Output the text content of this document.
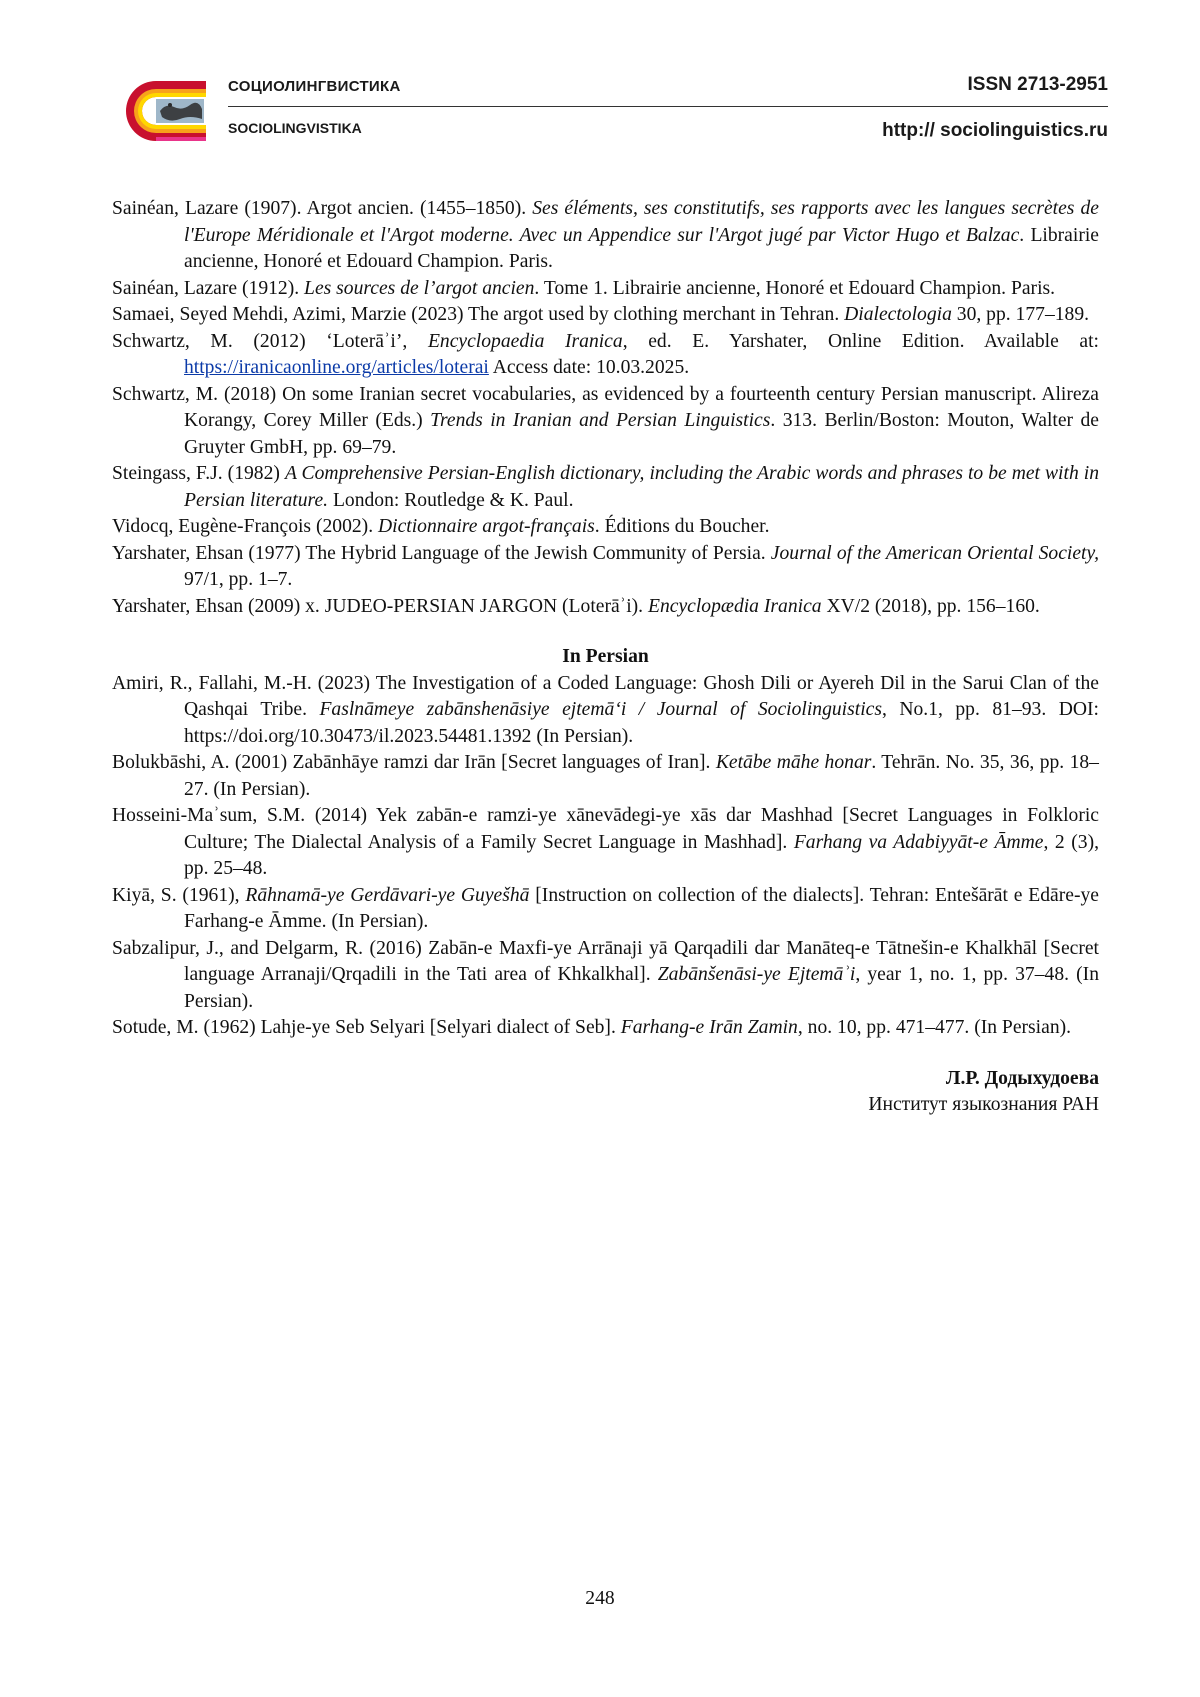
СОЦИОЛИНГВИСТИКА
SOCIOLINGVISTIKA
ISSN 2713-2951
http:// sociolinguistics.ru

Sainéan, Lazare (1907). Argot ancien. (1455–1850). Ses éléments, ses constitutifs, ses rapports avec les langues secrètes de l'Europe Méridionale et l'Argot moderne. Avec un Appendice sur l'Argot jugé par Victor Hugo et Balzac. Librairie ancienne, Honoré et Edouard Champion. Paris.

Sainéan, Lazare (1912). Les sources de l’argot ancien. Tome 1. Librairie ancienne, Honoré et Edouard Champion. Paris.

Samaei, Seyed Mehdi, Azimi, Marzie (2023) The argot used by clothing merchant in Tehran. Dialectologia 30, pp. 177–189.

Schwartz, M. (2012) ‘Loterāʾi’, Encyclopaedia Iranica, ed. E. Yarshater, Online Edition. Available at: https://iranicaonline.org/articles/loterai Access date: 10.03.2025.

Schwartz, M. (2018) On some Iranian secret vocabularies, as evidenced by a fourteenth century Persian manuscript. Alireza Korangy, Corey Miller (Eds.) Trends in Iranian and Persian Linguistics. 313. Berlin/Boston: Mouton, Walter de Gruyter GmbH, pp. 69–79.

Steingass, F.J. (1982) A Comprehensive Persian-English dictionary, including the Arabic words and phrases to be met with in Persian literature. London: Routledge & K. Paul.

Vidocq, Eugène-François (2002). Dictionnaire argot-français. Éditions du Boucher.

Yarshater, Ehsan (1977) The Hybrid Language of the Jewish Community of Persia. Journal of the American Oriental Society, 97/1, pp. 1–7.

Yarshater, Ehsan (2009) x. JUDEO-PERSIAN JARGON (Loterāʾi). Encyclopædia Iranica XV/2 (2018), pp. 156–160.

In Persian

Amiri, R., Fallahi, M.-H. (2023) The Investigation of a Coded Language: Ghosh Dili or Ayereh Dil in the Sarui Clan of the Qashqai Tribe. Faslnāmeye zabānshenāsiye ejtemāʻi / Journal of Sociolinguistics, No.1, pp. 81–93. DOI: https://doi.org/10.30473/il.2023.54481.1392 (In Persian).

Bolukbāshi, A. (2001) Zabānhāye ramzi dar Irān [Secret languages of Iran]. Ketābe māhe honar. Tehrān. No. 35, 36, pp. 18–27. (In Persian).

Hosseini-Maʾsum, S.M. (2014) Yek zabān-e ramzi-ye xānevādegi-ye xās dar Mashhad [Secret Languages in Folkloric Culture; The Dialectal Analysis of a Family Secret Language in Mashhad]. Farhang va Adabiyyāt-e Āmme, 2 (3), pp. 25–48.

Kiyā, S. (1961), Rāhnamā-ye Gerdāvari-ye Guyešhā [Instruction on collection of the dialects]. Tehran: Entešārāt e Edāre-ye Farhang-e Āmme. (In Persian).

Sabzalipur, J., and Delgarm, R. (2016) Zabān-e Maxfi-ye Arrānaji yā Qarqadili dar Manāteq-e Tātnešin-e Khalkhāl [Secret language Arranaji/Qrqadili in the Tati area of Khkalkhal]. Zabānšenāsi-ye Ejtemāʾi, year 1, no. 1, pp. 37–48. (In Persian).

Sotude, M. (1962) Lahje-ye Seb Selyari [Selyari dialect of Seb]. Farhang-e Irān Zamin, no. 10, pp. 471–477. (In Persian).

Л.Р. Додыхудоева
Институт языкознания РАН
248
